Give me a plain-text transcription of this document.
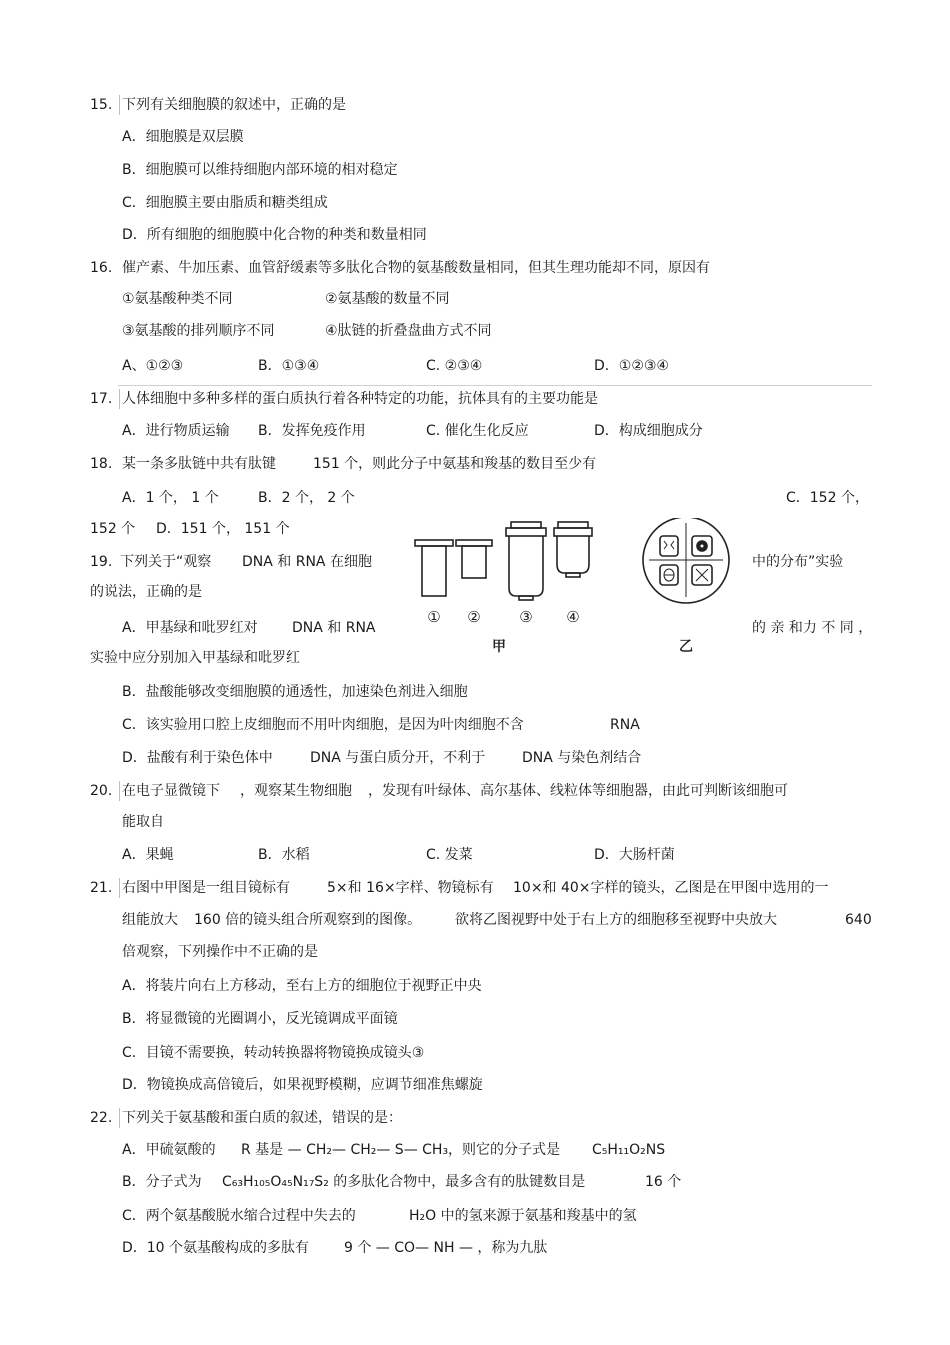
15. 下列有关细胞膜的叙述中，正确的是
A．细胞膜是双层膜
B．细胞膜可以维持细胞内部环境的相对稳定
C．细胞膜主要由脂质和糖类组成
D．所有细胞的细胞膜中化合物的种类和数量相同
16. 催产素、牛加压素、血管舒缓素等多肽化合物的氨基酸数量相同，但其生理功能却不同，原因有
①氨基酸种类不同	②氨基酸的数量不同
③氨基酸的排列顺序不同	④肽链的折叠盘曲方式不同
A、①②③	B．①③④	C. ②③④	D．①②③④
17. 人体细胞中多种多样的蛋白质执行着各种特定的功能，抗体具有的主要功能是
A．进行物质运输 B．发挥免疫作用	C. 催化生化反应	D．构成细胞成分
18. 某一条多肽链中共有肽键	151 个，则此分子中氨基和羧基的数目至少有
A．1 个， 1 个	B．2 个， 2 个	C．152 个，
152 个 D．151 个， 151 个
19. 下列关于“观察 DNA 和 RNA 在细胞	中的分布”实验
的说法，正确的是
A．甲基绿和吡罗红对 DNA 和 RNA	的 亲 和力 不 同 ，
实验中应分别加入甲基绿和吡罗红
B．盐酸能够改变细胞膜的通透性，加速染色剂进入细胞
C．该实验用口腔上皮细胞而不用叶肉细胞，是因为叶肉细胞不含	RNA
D．盐酸有利于染色体中	DNA 与蛋白质分开，不利于	DNA 与染色剂结合
① ②	③ ④
甲	乙
20. 在电子显微镜下 ，观察某生物细胞 ，发现有叶绿体、高尔基体、线粒体等细胞器，由此可判断该细胞可
能取自
A．果蝇	B．水稻	C. 发菜	D．大肠杆菌
21. 右图中甲图是一组目镜标有	5×和 16×字样、物镜标有 10×和 40×字样的镜头，乙图是在甲图中选用的一
组能放大 160 倍的镜头组合所观察到的图像。 欲将乙图视野中处于右上方的细胞移至视野中央放大	640
倍观察，下列操作中不正确的是
A．将装片向右上方移动，至右上方的细胞位于视野正中央
B．将显微镜的光圈调小，反光镜调成平面镜
C．目镜不需要换，转动转换器将物镜换成镜头③
D．物镜换成高倍镜后，如果视野模糊，应调节细准焦螺旋
22. 下列关于氨基酸和蛋白质的叙述，错误的是：
A．甲硫氨酸的 R 基是 — CH₂— CH₂— S— CH₃，则它的分子式是 C₅H₁₁O₂NS
B．分子式为 C₆₃H₁₀₅O₄₅N₁₇S₂ 的多肽化合物中，最多含有的肽键数目是	16 个
C．两个氨基酸脱水缩合过程中失去的	H₂O 中的氢来源于氨基和羧基中的氢
D．10 个氨基酸构成的多肽有 9 个 — CO— NH — ，称为九肽
